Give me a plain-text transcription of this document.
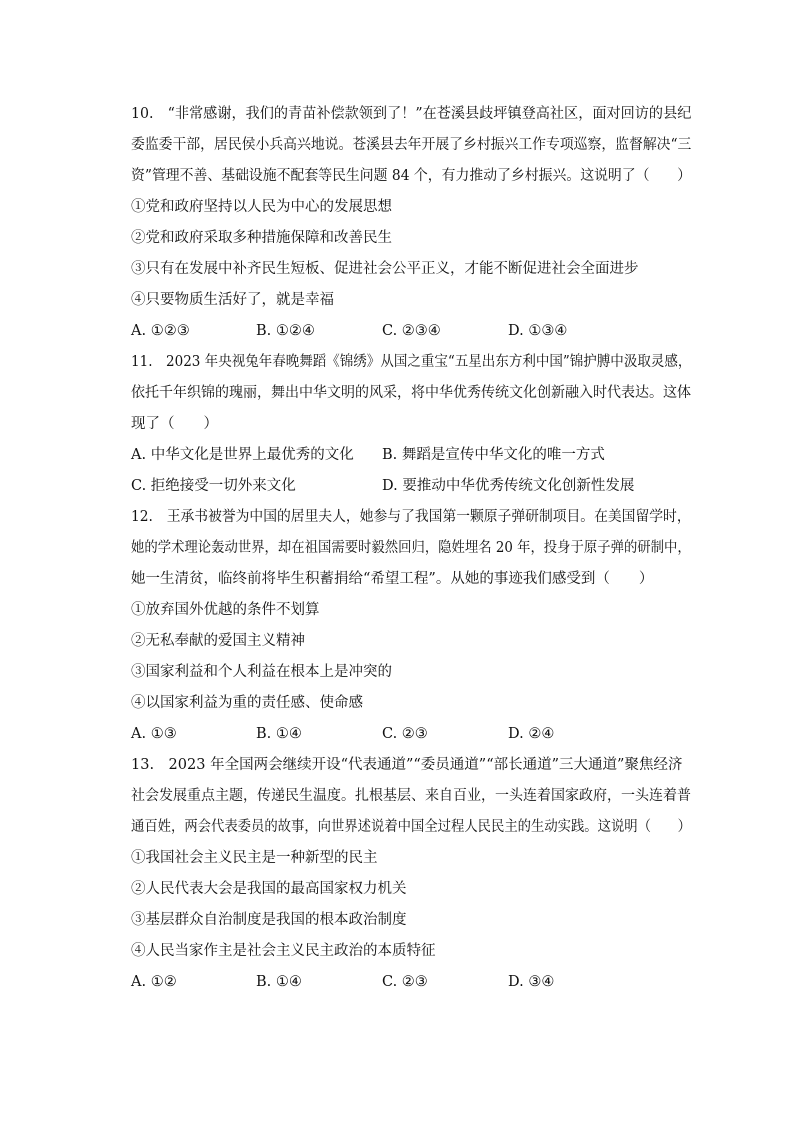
10.　“非常感谢，我们的青苗补偿款领到了！”在苍溪县歧坪镇登高社区，面对回访的县纪
委监委干部，居民侯小兵高兴地说。苍溪县去年开展了乡村振兴工作专项巡察，监督解决“三
资”管理不善、基础设施不配套等民生问题 84 个，有力推动了乡村振兴。这说明了（　　）
①党和政府坚持以人民为中心的发展思想
②党和政府采取多种措施保障和改善民生
③只有在发展中补齐民生短板、促进社会公平正义，才能不断促进社会全面进步
④只要物质生活好了，就是幸福
A. ①②③	B. ①②④	C. ②③④	D. ①③④
11.　2023 年央视兔年春晚舞蹈《锦绣》从国之重宝“五星出东方利中国”锦护膊中汲取灵感，
依托千年织锦的瑰丽，舞出中华文明的风采，将中华优秀传统文化创新融入时代表达。这体
现了（　　）
A. 中华文化是世界上最优秀的文化 B. 舞蹈是宣传中华文化的唯一方式
C. 拒绝接受一切外来文化	D. 要推动中华优秀传统文化创新性发展
12.　王承书被誉为中国的居里夫人，她参与了我国第一颗原子弹研制项目。在美国留学时，
她的学术理论轰动世界，却在祖国需要时毅然回归，隐姓埋名 20 年，投身于原子弹的研制中，
她一生清贫，临终前将毕生积蓄捐给“希望工程”。从她的事迹我们感受到（　　）
①放弃国外优越的条件不划算
②无私奉献的爱国主义精神
③国家利益和个人利益在根本上是冲突的
④以国家利益为重的责任感、使命感
A. ①③	B. ①④	C. ②③	D. ②④
13.　2023 年全国两会继续开设“代表通道”“委员通道”“部长通道”三大通道”聚焦经济
社会发展重点主题，传递民生温度。扎根基层、来自百业，一头连着国家政府，一头连着普
通百姓，两会代表委员的故事，向世界述说着中国全过程人民民主的生动实践。这说明（　　）
①我国社会主义民主是一种新型的民主
②人民代表大会是我国的最高国家权力机关
③基层群众自治制度是我国的根本政治制度
④人民当家作主是社会主义民主政治的本质特征
A. ①②	B. ①④	C. ②③	D. ③④
